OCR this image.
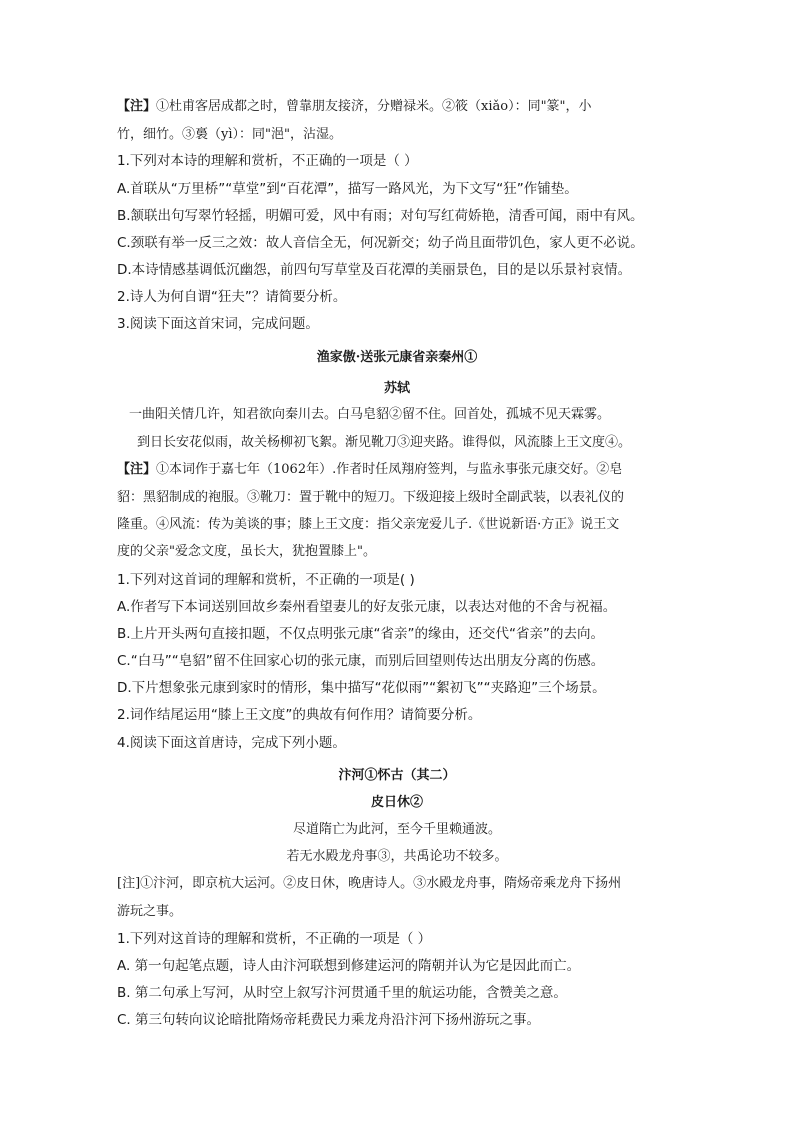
【注】①杜甫客居成都之时，曾靠朋友接济，分赠禄米。②筱（xiǎo）：同"篆"，小
竹，细竹。③裛（yì）：同"浥"，沾湿。
1.下列对本诗的理解和赏析，不正确的一项是（ ）
A.首联从“万里桥”“草堂”到“百花潭”，描写一路风光，为下文写“狂”作铺垫。
B.颔联出句写翠竹轻摇，明媚可爱，风中有雨；对句写红荷娇艳，清香可闻，雨中有风。
C.颈联有举一反三之效：故人音信全无，何况新交；幼子尚且面带饥色，家人更不必说。
D.本诗情感基调低沉幽怨，前四句写草堂及百花潭的美丽景色，目的是以乐景衬哀情。
2.诗人为何自谓“狂夫”？请简要分析。
3.阅读下面这首宋词，完成问题。
渔家傲·送张元康省亲秦州①
苏轼
一曲阳关情几许，知君欲向秦川去。白马皂貂②留不住。回首处，孤城不见天霖雾。
到日长安花似雨，故关杨柳初飞絮。渐见靴刀③迎夹路。谁得似，风流膝上王文度④。
【注】①本词作于嘉七年（1062年）.作者时任凤翔府签判，与监永事张元康交好。②皂
貂：黑貂制成的袍服。③靴刀：置于靴中的短刀。下级迎接上级时全副武装，以表礼仪的
隆重。④风流：传为美谈的事；膝上王文度：指父亲宠爱儿子.《世说新语·方正》说王文
度的父亲"爱念文度，虽长大，犹抱置膝上"。
1.下列对这首词的理解和赏析，不正确的一项是( )
A.作者写下本词送别回故乡秦州看望妻儿的好友张元康，以表达对他的不舍与祝福。
B.上片开头两句直接扣题，不仅点明张元康“省亲”的缘由，还交代“省亲”的去向。
C.“白马”“皂貂”留不住回家心切的张元康，而别后回望则传达出朋友分离的伤感。
D.下片想象张元康到家时的情形，集中描写“花似雨”“絮初飞”“夹路迎”三个场景。
2.词作结尾运用“膝上王文度”的典故有何作用？请简要分析。
4.阅读下面这首唐诗，完成下列小题。
汴河①怀古（其二）
皮日休②
尽道隋亡为此河，至今千里赖通波。
若无水殿龙舟事③，共禹论功不较多。
[注]①汴河，即京杭大运河。②皮日休，晚唐诗人。③水殿龙舟事，隋炀帝乘龙舟下扬州
游玩之事。
1.下列对这首诗的理解和赏析，不正确的一项是（ ）
A. 第一句起笔点题，诗人由汴河联想到修建运河的隋朝并认为它是因此而亡。
B. 第二句承上写河，从时空上叙写汴河贯通千里的航运功能，含赞美之意。
C. 第三句转向议论暗批隋炀帝耗费民力乘龙舟沿汴河下扬州游玩之事。
